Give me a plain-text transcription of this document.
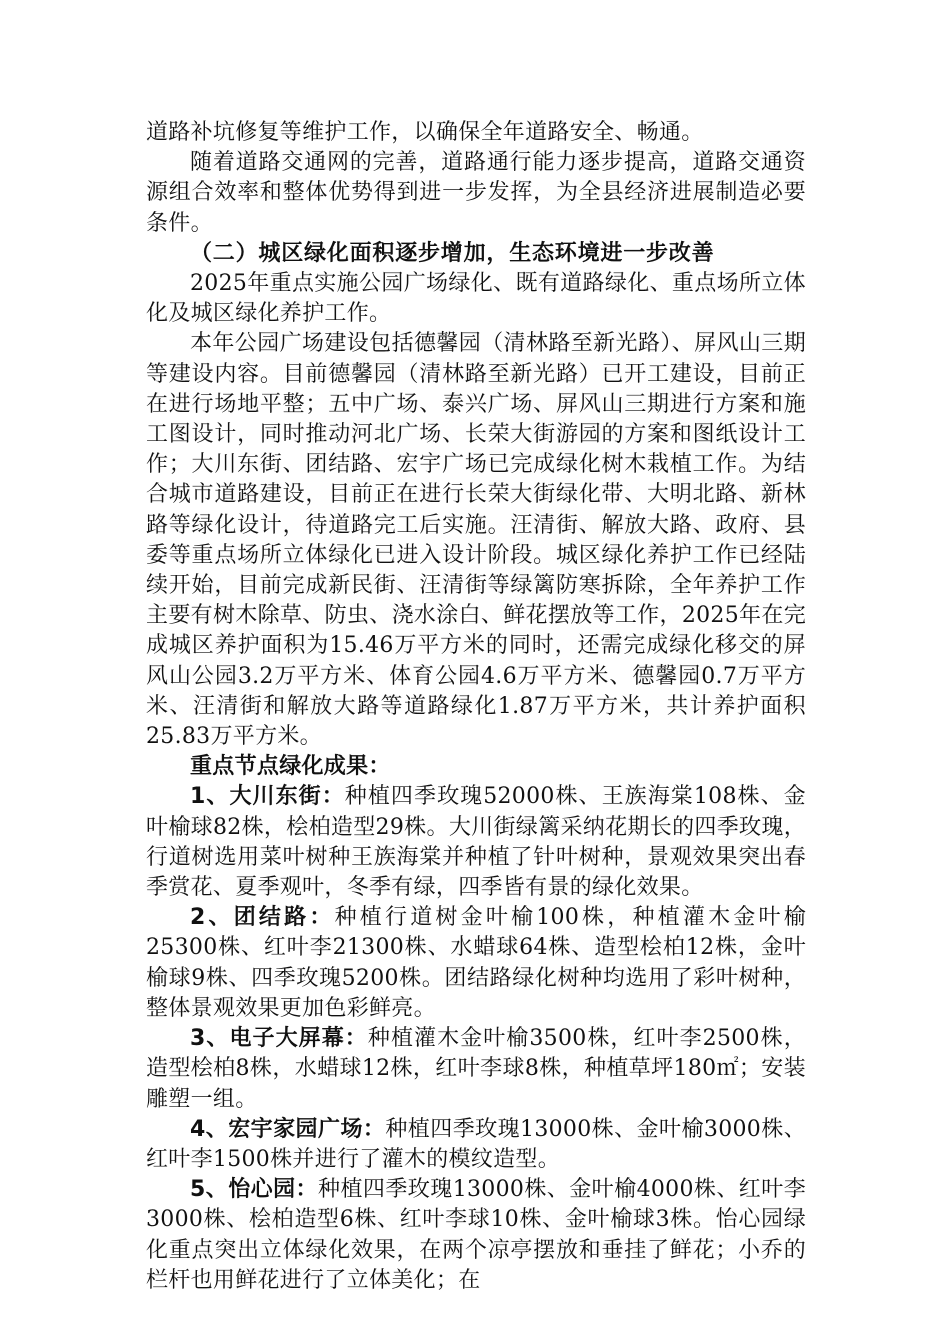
道路补坑修复等维护工作，以确保全年道路安全、畅通。

随着道路交通网的完善，道路通行能力逐步提高，道路交通资源组合效率和整体优势得到进一步发挥，为全县经济进展制造必要条件。

（二）城区绿化面积逐步增加，生态环境进一步改善

2025年重点实施公园广场绿化、既有道路绿化、重点场所立体化及城区绿化养护工作。

本年公园广场建设包括德馨园（清林路至新光路）、屏风山三期等建设内容。目前德馨园（清林路至新光路）已开工建设，目前正在进行场地平整；五中广场、泰兴广场、屏风山三期进行方案和施工图设计，同时推动河北广场、长荣大街游园的方案和图纸设计工作；大川东街、团结路、宏宇广场已完成绿化树木栽植工作。为结合城市道路建设，目前正在进行长荣大街绿化带、大明北路、新林路等绿化设计，待道路完工后实施。汪清街、解放大路、政府、县委等重点场所立体绿化已进入设计阶段。城区绿化养护工作已经陆续开始，目前完成新民街、汪清街等绿篱防寒拆除，全年养护工作主要有树木除草、防虫、浇水涂白、鲜花摆放等工作，2025年在完成城区养护面积为15.46万平方米的同时，还需完成绿化移交的屏风山公园3.2万平方米、体育公园4.6万平方米、德馨园0.7万平方米、汪清街和解放大路等道路绿化1.87万平方米，共计养护面积25.83万平方米。

重点节点绿化成果：

1、大川东街：种植四季玫瑰52000株、王族海棠108株、金叶榆球82株，桧柏造型29株。大川街绿篱采纳花期长的四季玫瑰，行道树选用菜叶树种王族海棠并种植了针叶树种，景观效果突出春季赏花、夏季观叶，冬季有绿，四季皆有景的绿化效果。

2、团结路：种植行道树金叶榆100株，种植灌木金叶榆25300株、红叶李21300株、水蜡球64株、造型桧柏12株，金叶榆球9株、四季玫瑰5200株。团结路绿化树种均选用了彩叶树种，整体景观效果更加色彩鲜亮。

3、电子大屏幕：种植灌木金叶榆3500株，红叶李2500株，造型桧柏8株，水蜡球12株，红叶李球8株，种植草坪180㎡；安装雕塑一组。

4、宏宇家园广场：种植四季玫瑰13000株、金叶榆3000株、红叶李1500株并进行了灌木的模纹造型。

5、怡心园：种植四季玫瑰13000株、金叶榆4000株、红叶李3000株、桧柏造型6株、红叶李球10株、金叶榆球3株。怡心园绿化重点突出立体绿化效果，在两个凉亭摆放和垂挂了鲜花；小乔的栏杆也用鲜花进行了立体美化；在
